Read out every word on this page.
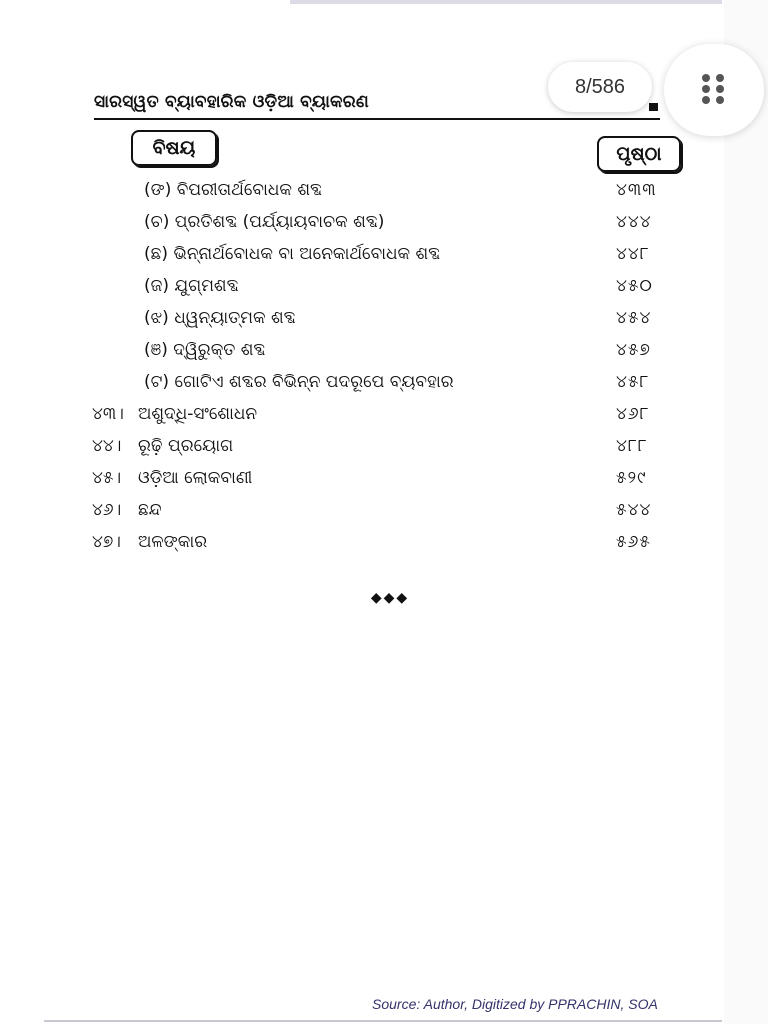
ସାରସ୍ୱତ ବ୍ୟାବହାରିକ ଓଡ଼ିଆ ବ୍ୟାକରଣ
8/586
ବିଷୟ	ପୃଷ୍ଠା
(ଙ) ବିପରୀତାର୍ଥବୋଧକ ଶବ୍ଦ	୪୩୩
(ଚ) ପ୍ରତିଶବ୍ଦ (ପର୍ଯ୍ୟାୟବାଚକ ଶବ୍ଦ)	୪୪୪
(ଛ) ଭିନ୍ନାର୍ଥବୋଧକ ବା ଅନେକାର୍ଥବୋଧକ ଶବ୍ଦ	୪୪୮
(ଜ) ଯୁଗ୍ମଶବ୍ଦ	୪୫୦
(ଝ) ଧ୍ୱନ୍ୟାତ୍ମକ ଶବ୍ଦ	୪୫୪
(ଞ) ଦ୍ୱିରୁକ୍ତ ଶବ୍ଦ	୪୫୭
(ଟ) ଗୋଟିଏ ଶବ୍ଦର ବିଭିନ୍ନ ପଦରୂପେ ବ୍ୟବହାର	୪୫୮
୪୩। ଅଶୁଦ୍ଧି-ସଂଶୋଧନ	୪୬୮
୪୪। ରୂଢ଼ି ପ୍ରୟୋଗ	୪୮୮
୪୫। ଓଡ଼ିଆ ଲୋକବାଣୀ	୫୨୯
୪୬। ଛନ୍ଦ	୫୪୪
୪୭।	ଅଳଙ୍କାର	୫୬୫
◆◆◆
Source: Author, Digitized by PPRACHIN, SOA
